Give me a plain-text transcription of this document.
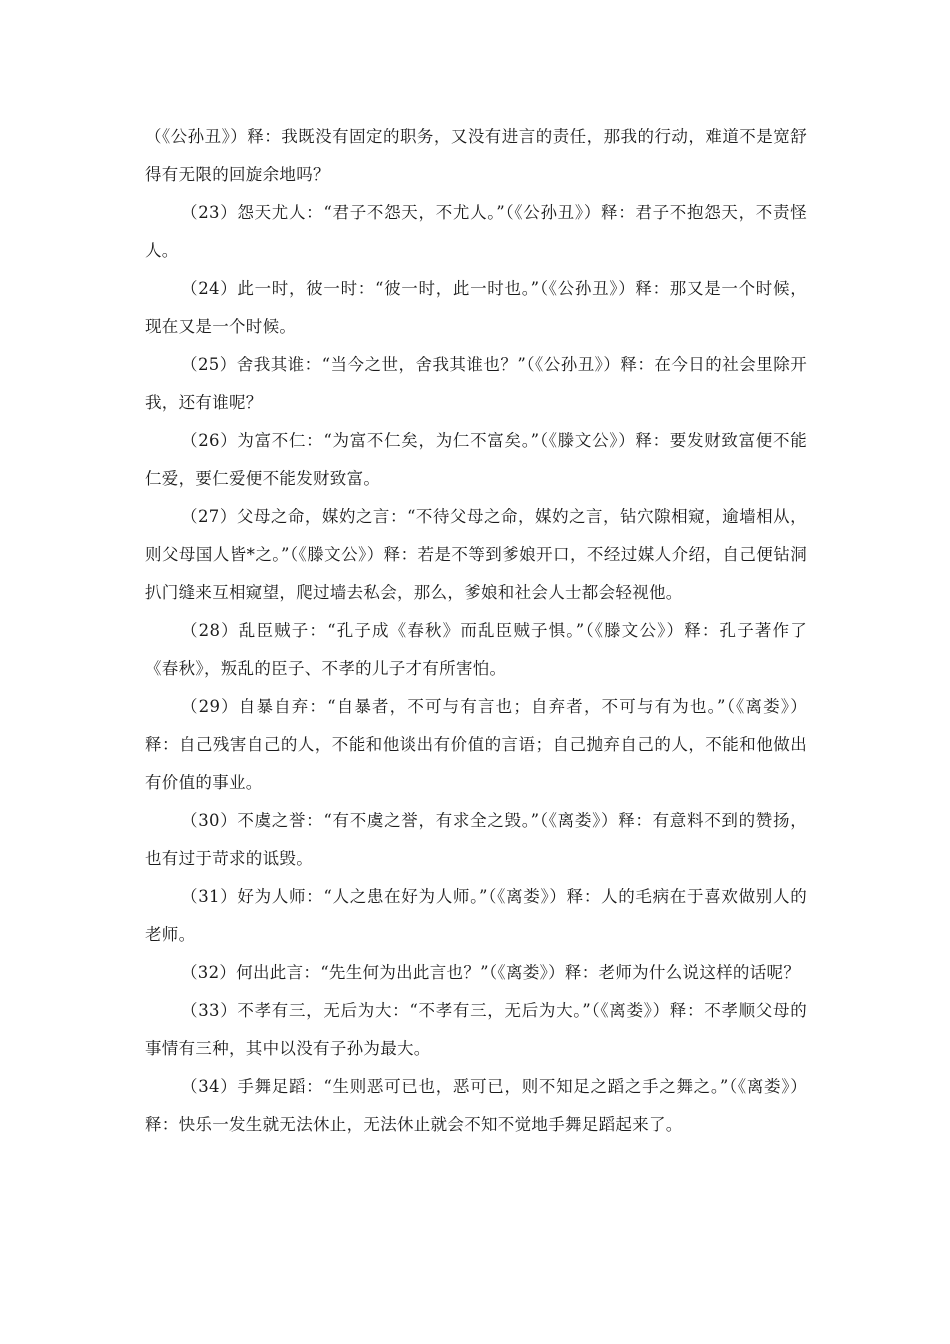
（《公孙丑》）释：我既没有固定的职务，又没有进言的责任，那我的行动，难道不是宽舒得有无限的回旋余地吗？

（23）怨天尤人：“君子不怨天，不尤人。”（《公孙丑》）释：君子不抱怨天，不责怪人。

（24）此一时，彼一时：“彼一时，此一时也。”（《公孙丑》）释：那又是一个时候，现在又是一个时候。

（25）舍我其谁：“当今之世，舍我其谁也？”（《公孙丑》）释：在今日的社会里除开我，还有谁呢？

（26）为富不仁：“为富不仁矣，为仁不富矣。”（《滕文公》）释：要发财致富便不能仁爱，要仁爱便不能发财致富。

（27）父母之命，媒妁之言：“不待父母之命，媒妁之言，钻穴隙相窥，逾墙相从，则父母国人皆*之。”（《滕文公》）释：若是不等到爹娘开口，不经过媒人介绍，自己便钻洞扒门缝来互相窥望，爬过墙去私会，那么，爹娘和社会人士都会轻视他。

（28）乱臣贼子：“孔子成《春秋》而乱臣贼子惧。”（《滕文公》）释：孔子著作了《春秋》，叛乱的臣子、不孝的儿子才有所害怕。

（29）自暴自弃：“自暴者，不可与有言也；自弃者，不可与有为也。”（《离娄》）释：自己残害自己的人，不能和他谈出有价值的言语；自己抛弃自己的人，不能和他做出有价值的事业。

（30）不虞之誉：“有不虞之誉，有求全之毁。”（《离娄》）释：有意料不到的赞扬，也有过于苛求的诋毁。

（31）好为人师：“人之患在好为人师。”（《离娄》）释：人的毛病在于喜欢做别人的老师。

（32）何出此言：“先生何为出此言也？”（《离娄》）释：老师为什么说这样的话呢？

（33）不孝有三，无后为大：“不孝有三，无后为大。”（《离娄》）释：不孝顺父母的事情有三种，其中以没有子孙为最大。

（34）手舞足蹈：“生则恶可已也，恶可已，则不知足之蹈之手之舞之。”（《离娄》）释：快乐一发生就无法休止，无法休止就会不知不觉地手舞足蹈起来了。
